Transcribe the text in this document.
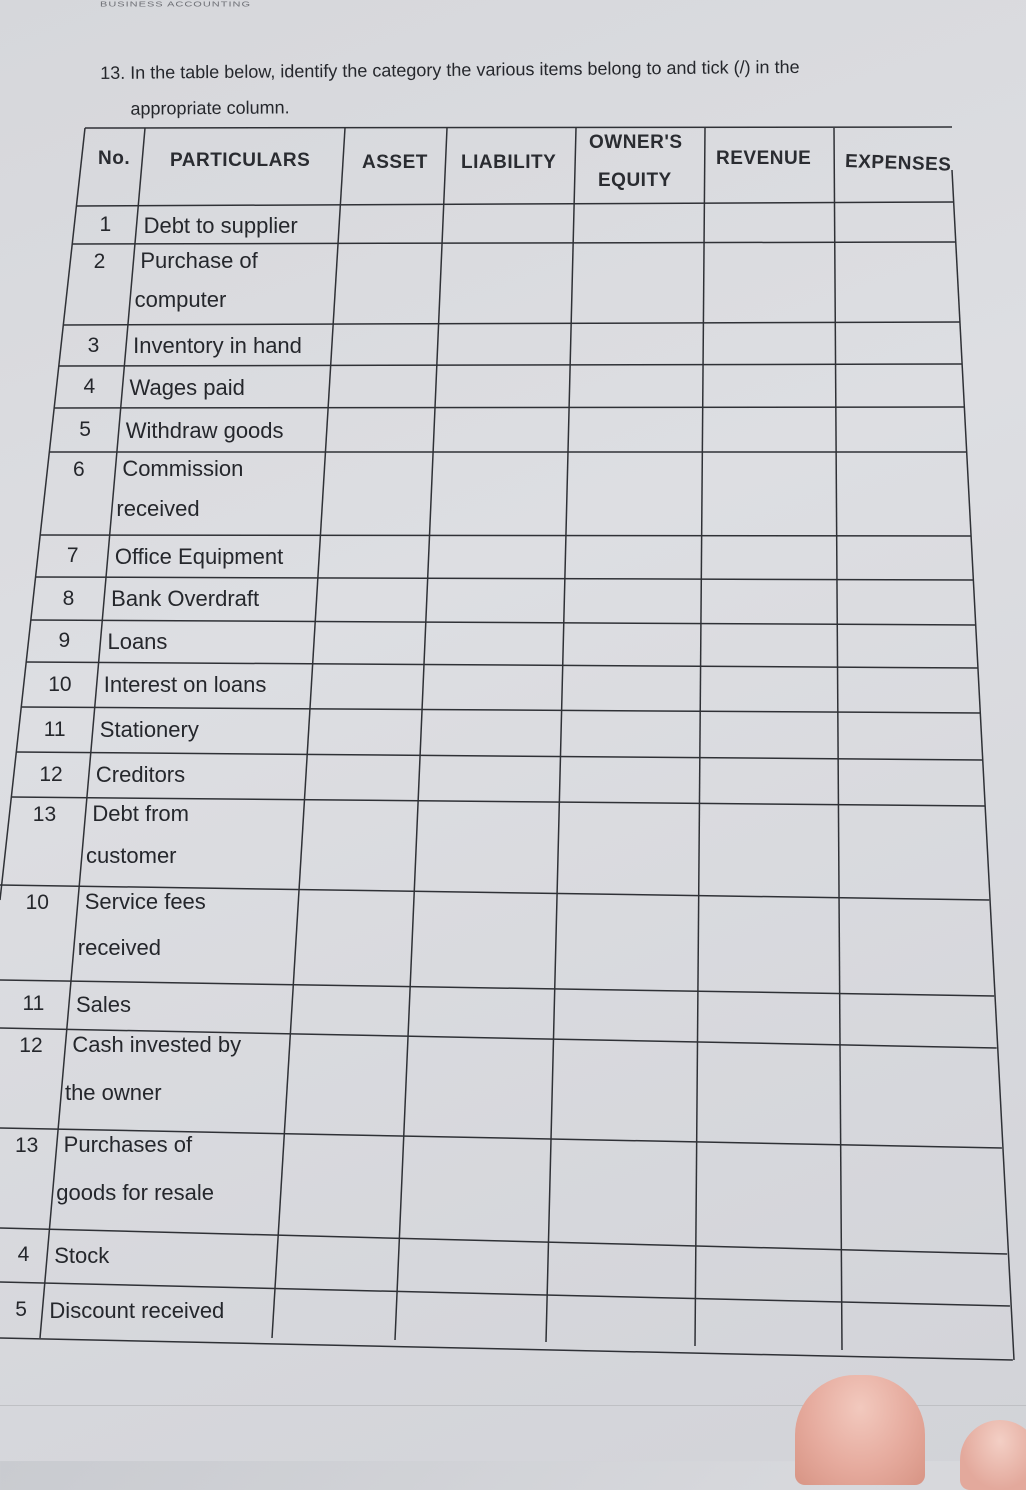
BUSINESS ACCOUNTING
13. In the table below, identify the category the various items belong to and tick (/) in the
appropriate column.
No. PARTICULARS	ASSET LIABILITY
OWNER'S
EQUITY
REVENUE EXPENSES
1 Debt to supplier
2 Purchase of
computer
3 Inventory in hand
4 Wages paid
5 Withdraw goods
6 Commission
received
7 Office Equipment
8 Bank Overdraft
9 Loans
10 Interest on loans
11 Stationery
12 Creditors
13 Debt from
customer
10 Service fees
received
11 Sales
12 Cash invested by
the owner
13 Purchases of
goods for resale
4 Stock
5 Discount received
